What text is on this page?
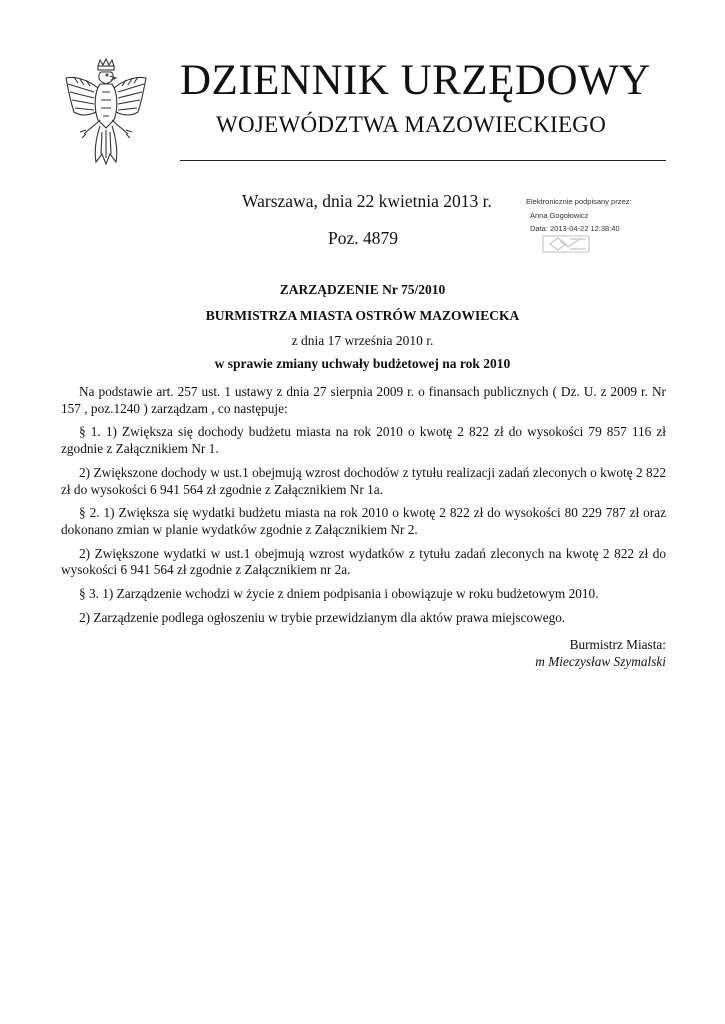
DZIENNIK URZĘDOWY
WOJEWÓDZTWA MAZOWIECKIEGO
Warszawa, dnia 22 kwietnia 2013 r.
Poz. 4879
Elektronicznie podpisany przez:
Anna Gogołowicz
Data: 2013-04-22 12:38:40
ZARZĄDZENIE Nr 75/2010
BURMISTRZA MIASTA OSTRÓW MAZOWIECKA
z dnia 17 września 2010 r.
w sprawie zmiany uchwały budżetowej na rok 2010

Na podstawie art. 257 ust. 1 ustawy z dnia 27 sierpnia 2009 r. o finansach publicznych ( Dz. U. z 2009 r. Nr 157 , poz.1240 ) zarządzam , co następuje:

§ 1. 1) Zwiększa się dochody budżetu miasta na rok 2010 o kwotę 2 822 zł do wysokości 79 857 116 zł zgodnie z Załącznikiem Nr 1.

2) Zwiększone dochody w ust.1 obejmują wzrost dochodów z tytułu realizacji zadań zleconych o kwotę 2 822 zł do wysokości 6 941 564 zł zgodnie z Załącznikiem Nr 1a.

§ 2. 1) Zwiększa się wydatki budżetu miasta na rok 2010 o kwotę 2 822 zł do wysokości 80 229 787 zł oraz dokonano zmian w planie wydatków zgodnie z Załącznikiem Nr 2.

2) Zwiększone wydatki w ust.1 obejmują wzrost wydatków z tytułu zadań zleconych na kwotę 2 822 zł do wysokości 6 941 564 zł zgodnie z Załącznikiem nr 2a.

§ 3. 1) Zarządzenie wchodzi w życie z dniem podpisania i obowiązuje w roku budżetowym 2010.

2) Zarządzenie podlega ogłoszeniu w trybie przewidzianym dla aktów prawa miejscowego.

Burmistrz Miasta:
m Mieczysław Szymalski
